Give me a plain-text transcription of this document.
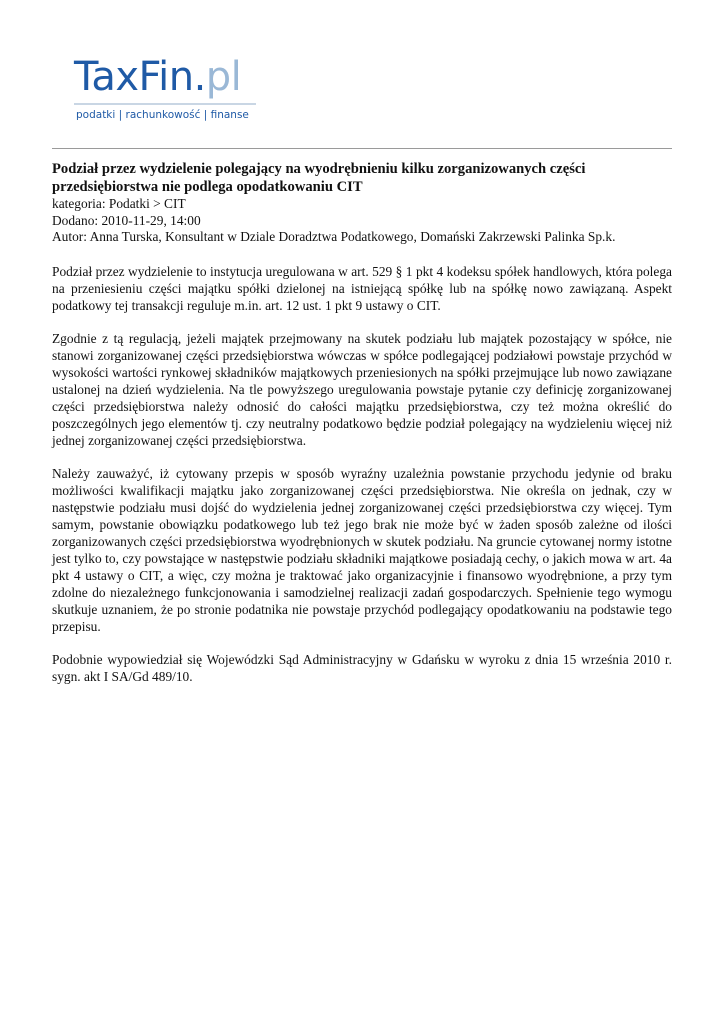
TaxFin.pl
podatki | rachunkowość | finanse
Podział przez wydzielenie polegający na wyodrębnieniu kilku zorganizowanych części przedsiębiorstwa nie podlega opodatkowaniu CIT
kategoria: Podatki > CIT
Dodano: 2010-11-29, 14:00
Autor: Anna Turska, Konsultant w Dziale Doradztwa Podatkowego, Domański Zakrzewski Palinka Sp.k.

Podział przez wydzielenie to instytucja uregulowana w art. 529 § 1 pkt 4 kodeksu spółek handlowych, która polega na przeniesieniu części majątku spółki dzielonej na istniejącą spółkę lub na spółkę nowo zawiązaną. Aspekt podatkowy tej transakcji reguluje m.in. art. 12 ust. 1 pkt 9 ustawy o CIT.

Zgodnie z tą regulacją, jeżeli majątek przejmowany na skutek podziału lub majątek pozostający w spółce, nie stanowi zorganizowanej części przedsiębiorstwa wówczas w spółce podlegającej podziałowi powstaje przychód w wysokości wartości rynkowej składników majątkowych przeniesionych na spółki przejmujące lub nowo zawiązane ustalonej na dzień wydzielenia. Na tle powyższego uregulowania powstaje pytanie czy definicję zorganizowanej części przedsiębiorstwa należy odnosić do całości majątku przedsiębiorstwa, czy też można określić do poszczególnych jego elementów tj. czy neutralny podatkowo będzie podział polegający na wydzieleniu więcej niż jednej zorganizowanej części przedsiębiorstwa.

Należy zauważyć, iż cytowany przepis w sposób wyraźny uzależnia powstanie przychodu jedynie od braku możliwości kwalifikacji majątku jako zorganizowanej części przedsiębiorstwa. Nie określa on jednak, czy w następstwie podziału musi dojść do wydzielenia jednej zorganizowanej części przedsiębiorstwa czy więcej. Tym samym, powstanie obowiązku podatkowego lub też jego brak nie może być w żaden sposób zależne od ilości zorganizowanych części przedsiębiorstwa wyodrębnionych w skutek podziału. Na gruncie cytowanej normy istotne jest tylko to, czy powstające w następstwie podziału składniki majątkowe posiadają cechy, o jakich mowa w art. 4a pkt 4 ustawy o CIT, a więc, czy można je traktować jako organizacyjnie i finansowo wyodrębnione, a przy tym zdolne do niezależnego funkcjonowania i samodzielnej realizacji zadań gospodarczych. Spełnienie tego wymogu skutkuje uznaniem, że po stronie podatnika nie powstaje przychód podlegający opodatkowaniu na podstawie tego przepisu.

Podobnie wypowiedział się Wojewódzki Sąd Administracyjny w Gdańsku w wyroku z dnia 15 września 2010 r. sygn. akt I SA/Gd 489/10.
